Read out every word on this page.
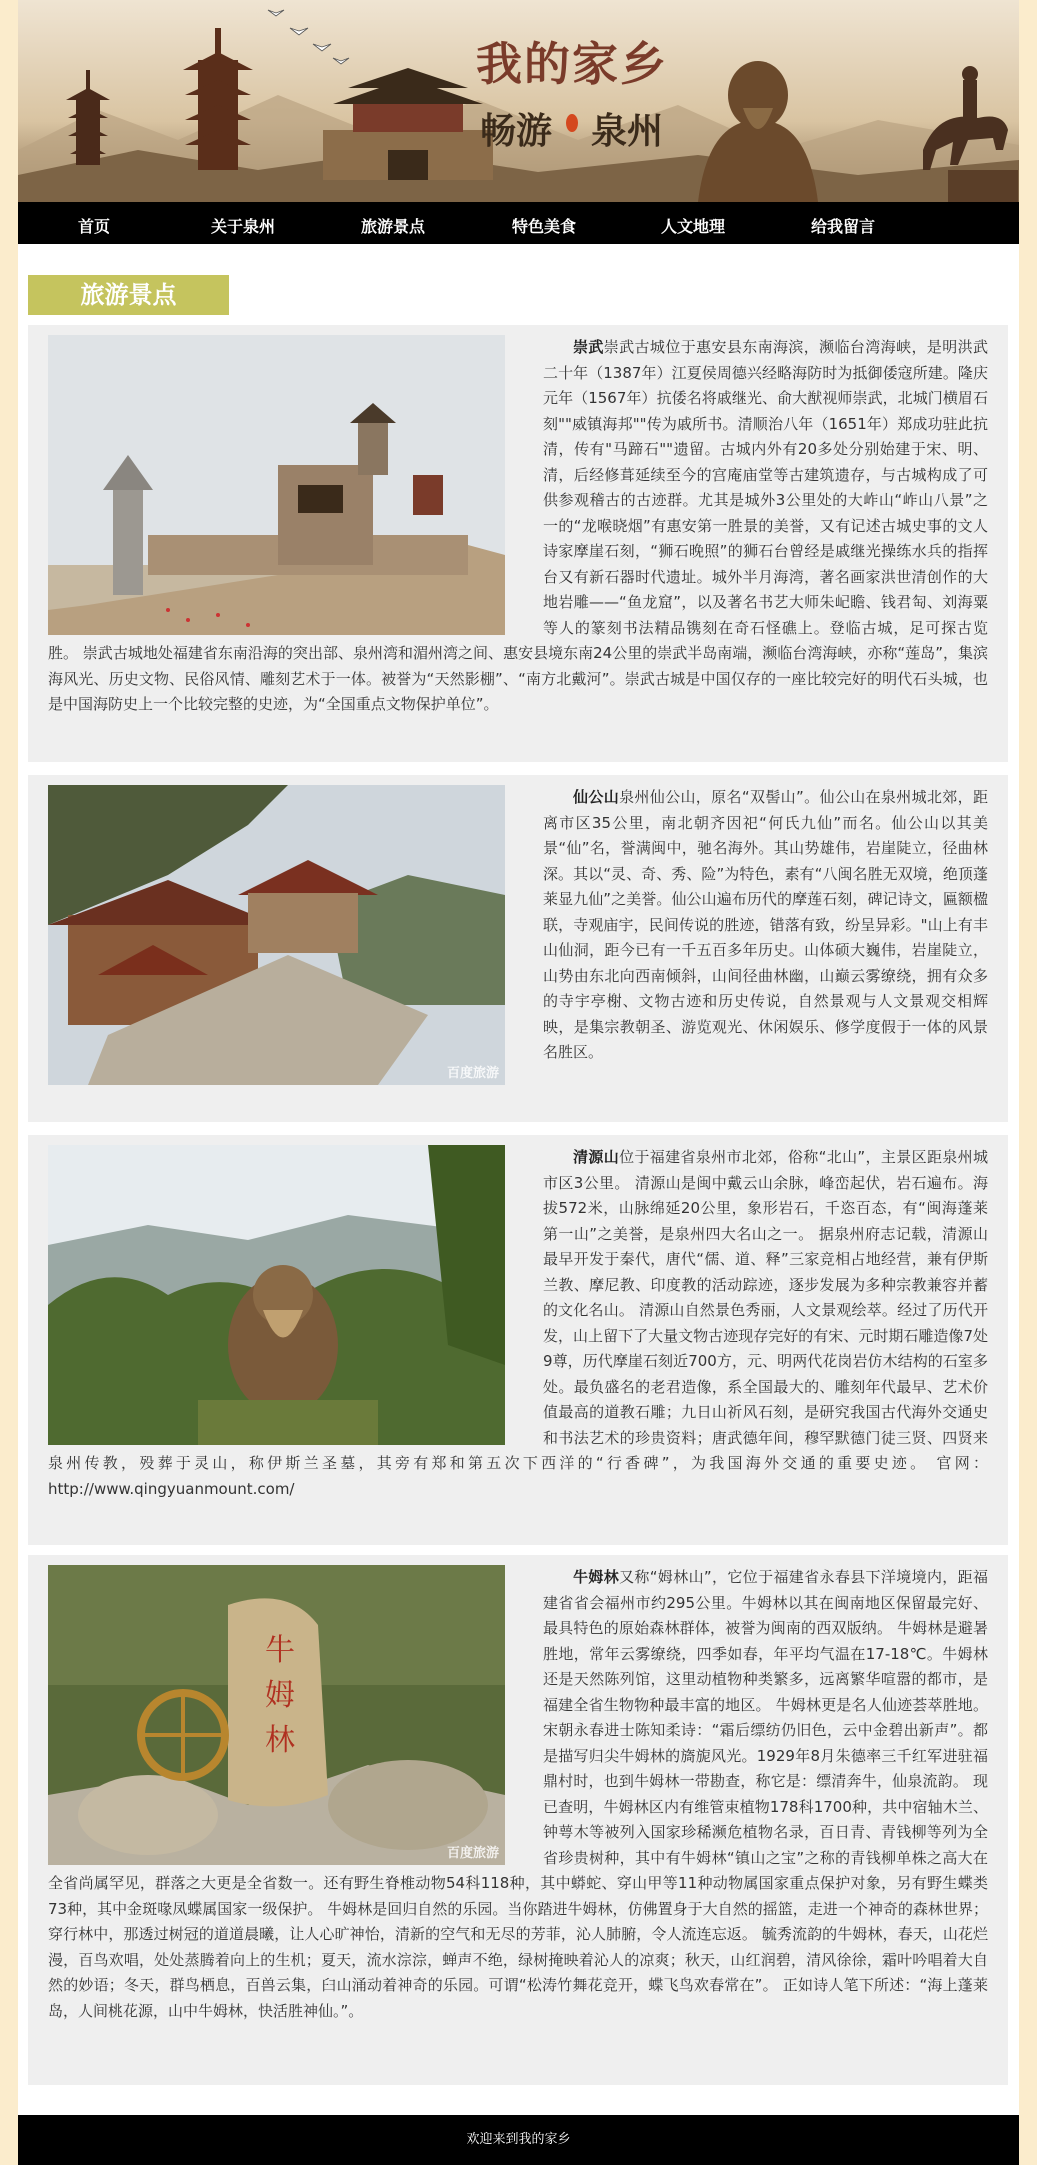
我的家乡
畅游 泉州
首页	关于泉州	旅游景点	特色美食	人文地理	给我留言
旅游景点

崇武崇武古城位于惠安县东南海滨，濒临台湾海峡，是明洪武二十年（1387年）江夏侯周德兴经略海防时为抵御倭寇所建。隆庆元年（1567年）抗倭名将戚继光、俞大猷视师崇武，北城门横眉石刻""威镇海邦""传为戚所书。清顺治八年（1651年）郑成功驻此抗清，传有"马蹄石""遗留。古城内外有20多处分别始建于宋、明、清，后经修葺延续至今的宫庵庙堂等古建筑遗存，与古城构成了可供参观稽古的古迹群。尤其是城外3公里处的大岞山“岞山八景”之一的“龙喉晓烟”有惠安第一胜景的美誉，又有记述古城史事的文人诗家摩崖石刻，“狮石晚照”的狮石台曾经是戚继光操练水兵的指挥台又有新石器时代遗址。城外半月海湾，著名画家洪世清创作的大地岩雕——“鱼龙窟”，以及著名书艺大师朱屺瞻、钱君匋、刘海粟等人的篆刻书法精品镌刻在奇石怪礁上。登临古城，足可探古览胜。 崇武古城地处福建省东南沿海的突出部、泉州湾和湄州湾之间、惠安县境东南24公里的崇武半岛南端，濒临台湾海峡，亦称“莲岛”，集滨海风光、历史文物、民俗风情、雕刻艺术于一体。被誉为“天然影棚”、“南方北戴河”。崇武古城是中国仅存的一座比较完好的明代石头城，也是中国海防史上一个比较完整的史迹，为“全国重点文物保护单位”。

百度旅游

仙公山泉州仙公山，原名“双髻山”。仙公山在泉州城北郊，距离市区35公里，南北朝齐因祀“何氏九仙”而名。仙公山以其美景“仙”名，誉满闽中，驰名海外。其山势雄伟，岩崖陡立，径曲林深。其以“灵、奇、秀、险”为特色，素有“八闽名胜无双境，绝顶蓬莱显九仙”之美誉。仙公山遍布历代的摩莲石刻，碑记诗文，匾额楹联，寺观庙宇，民间传说的胜迹，错落有致，纷呈异彩。"山上有丰山仙洞，距今已有一千五百多年历史。山体硕大巍伟，岩崖陡立，山势由东北向西南倾斜，山间径曲林幽，山巅云雾缭绕，拥有众多的寺宇亭榭、文物古迹和历史传说，自然景观与人文景观交相辉映，是集宗教朝圣、游览观光、休闲娱乐、修学度假于一体的风景名胜区。

清源山位于福建省泉州市北郊，俗称“北山”，主景区距泉州城市区3公里。 清源山是闽中戴云山余脉，峰峦起伏，岩石遍布。海拔572米，山脉绵延20公里，象形岩石，千恣百态，有“闽海蓬莱第一山”之美誉，是泉州四大名山之一。 据泉州府志记载，清源山最早开发于秦代，唐代“儒、道、释”三家竞相占地经营，兼有伊斯兰教、摩尼教、印度教的活动踪迹，逐步发展为多种宗教兼容并蓄的文化名山。 清源山自然景色秀丽，人文景观绘萃。经过了历代开发，山上留下了大量文物古迹现存完好的有宋、元时期石雕造像7处9尊，历代摩崖石刻近700方，元、明两代花岗岩仿木结构的石室多处。最负盛名的老君造像，系全国最大的、雕刻年代最早、艺术价值最高的道教石雕；九日山祈风石刻，是研究我国古代海外交通史和书法艺术的珍贵资料；唐武德年间，穆罕默德门徒三贤、四贤来泉州传教，殁葬于灵山，称伊斯兰圣墓，其旁有郑和第五次下西洋的“行香碑”，为我国海外交通的重要史迹。 官网：http://www.qingyuanmount.com/

牛
姆
林
百度旅游

牛姆林又称“姆林山”，它位于福建省永春县下洋境境内，距福建省省会福州市约295公里。牛姆林以其在闽南地区保留最完好、最具特色的原始森林群体，被誉为闽南的西双版纳。 牛姆林是避暑胜地，常年云雾缭绕，四季如春，年平均气温在17-18℃。牛姆林还是天然陈列馆，这里动植物种类繁多，远离繁华喧嚣的都市，是福建全省生物物种最丰富的地区。 牛姆林更是名人仙迹荟萃胜地。宋朝永春进士陈知柔诗：“霜后缥纺仍旧色，云中金碧出新声”。都是描写归尖牛姆林的旖旎风光。1929年8月朱德率三千红军进驻福鼎村时，也到牛姆林一带勘查，称它是：缥清奔牛，仙泉流韵。 现已查明，牛姆林区内有维管束植物178科1700种，共中宿轴木兰、钟萼木等被列入国家珍稀濒危植物名录，百日青、青钱柳等列为全省珍贵树种，其中有牛姆林“镇山之宝”之称的青钱柳单株之高大在全省尚属罕见，群落之大更是全省数一。还有野生脊椎动物54科118种，其中蟒蛇、穿山甲等11种动物属国家重点保护对象，另有野生蝶类73种，其中金斑喙凤蝶属国家一级保护。 牛姆林是回归自然的乐园。当你踏进牛姆林，仿佛置身于大自然的摇篮，走进一个神奇的森林世界；穿行林中，那透过树冠的道道晨曦，让人心旷神怡，清新的空气和无尽的芳菲，沁人肺腑，令人流连忘返。 毓秀流韵的牛姆林，春天，山花烂漫，百鸟欢唱，处处蒸腾着向上的生机；夏天，流水淙淙，蝉声不绝，绿树掩映着沁人的凉爽；秋天，山红润碧，清风徐徐，霜叶吟唱着大自然的妙语；冬天，群鸟栖息，百兽云集，臼山涌动着神奇的乐园。可谓“松涛竹舞花竞开，蝶飞鸟欢春常在”。 正如诗人笔下所述：“海上蓬莱岛，人间桃花源，山中牛姆林，快活胜神仙。”。

欢迎来到我的家乡
